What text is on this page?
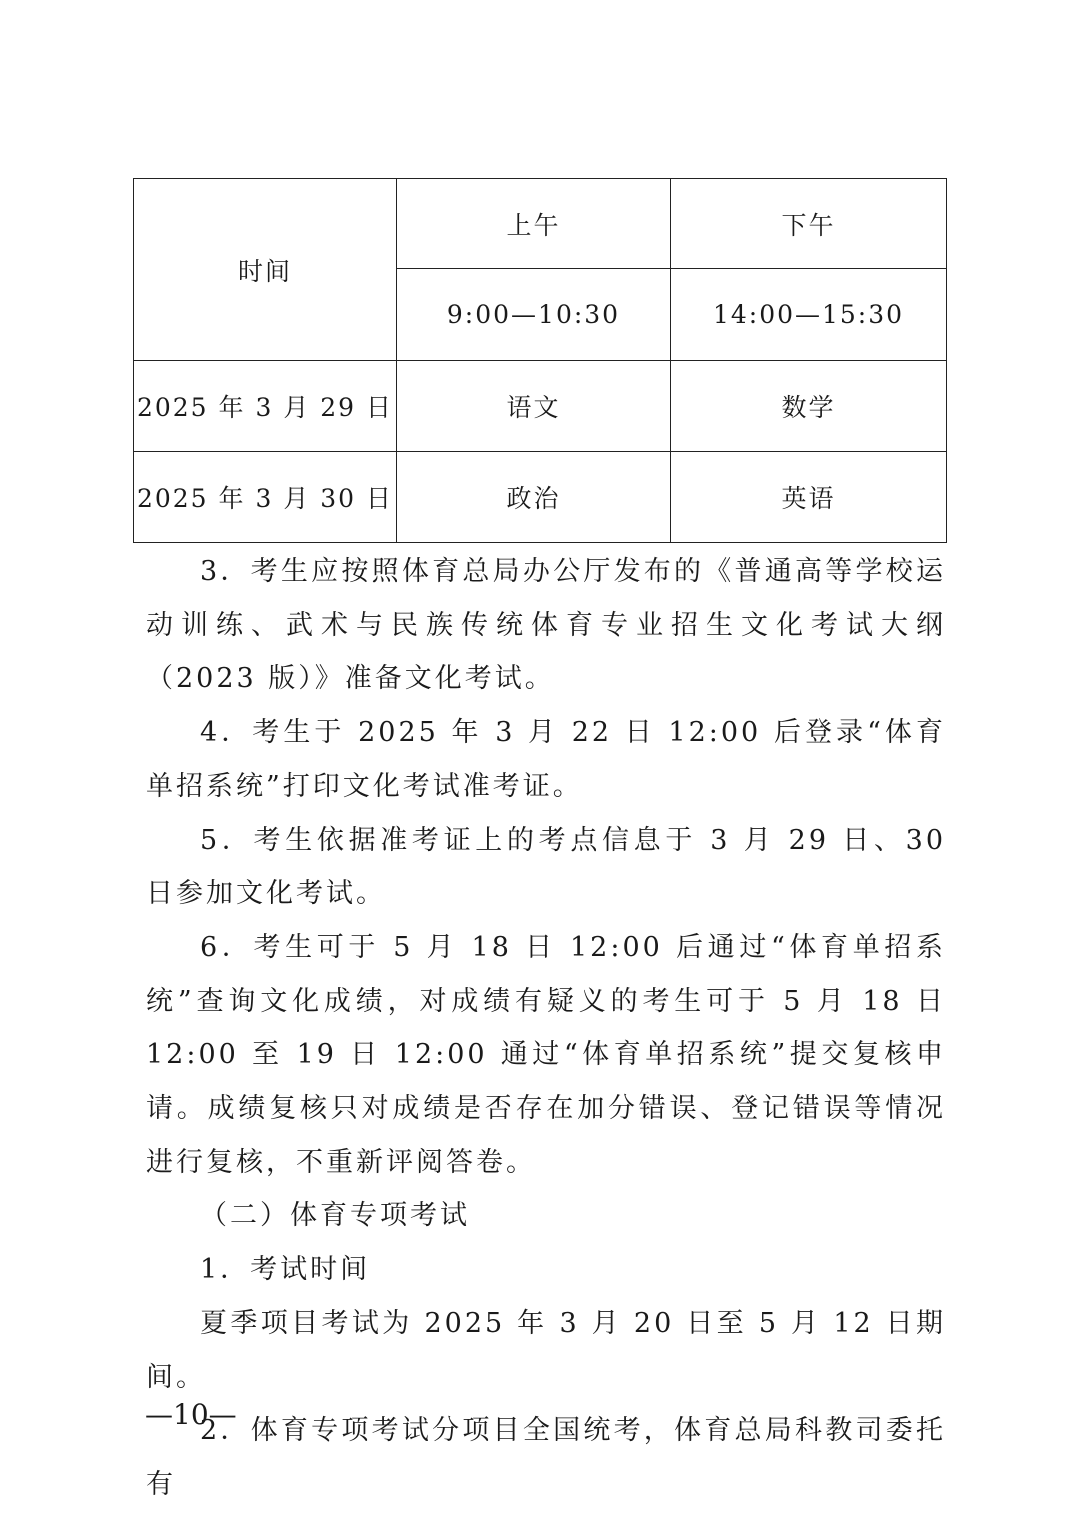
时间	上午	下午
	9:00—10:30	14:00—15:30
2025 年 3 月 29 日	语文	数学
2025 年 3 月 30 日	政治	英语

3．考生应按照体育总局办公厅发布的《普通高等学校运动训练、武术与民族传统体育专业招生文化考试大纲（2023 版）》准备文化考试。

4．考生于 2025 年 3 月 22 日 12:00 后登录“体育单招系统”打印文化考试准考证。

5．考生依据准考证上的考点信息于 3 月 29 日、30 日参加文化考试。

6．考生可于 5 月 18 日 12:00 后通过“体育单招系统”查询文化成绩，对成绩有疑义的考生可于 5 月 18 日 12:00 至 19 日 12:00 通过“体育单招系统”提交复核申请。成绩复核只对成绩是否存在加分错误、登记错误等情况进行复核，不重新评阅答卷。

（二）体育专项考试

1．考试时间

夏季项目考试为 2025 年 3 月 20 日至 5 月 12 日期间。

2．体育专项考试分项目全国统考，体育总局科教司委托有

—10—
